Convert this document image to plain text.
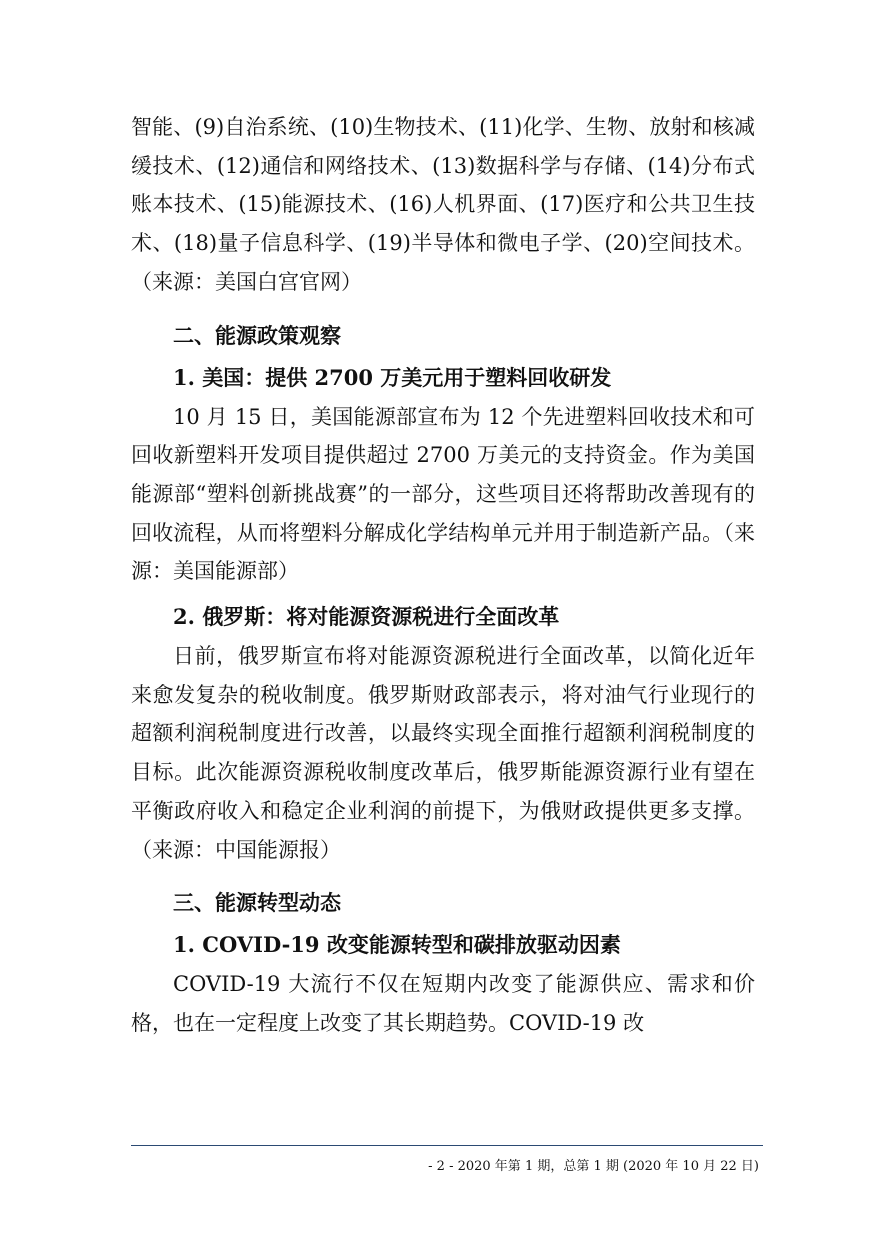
智能、(9)自治系统、(10)生物技术、(11)化学、生物、放射和核减缓技术、(12)通信和网络技术、(13)数据科学与存储、(14)分布式账本技术、(15)能源技术、(16)人机界面、(17)医疗和公共卫生技术、(18)量子信息科学、(19)半导体和微电子学、(20)空间技术。（来源：美国白宫官网）

二、能源政策观察

1. 美国：提供 2700 万美元用于塑料回收研发

10 月 15 日，美国能源部宣布为 12 个先进塑料回收技术和可回收新塑料开发项目提供超过 2700 万美元的支持资金。作为美国能源部“塑料创新挑战赛”的一部分，这些项目还将帮助改善现有的回收流程，从而将塑料分解成化学结构单元并用于制造新产品。（来源：美国能源部）

2. 俄罗斯：将对能源资源税进行全面改革

日前，俄罗斯宣布将对能源资源税进行全面改革，以简化近年来愈发复杂的税收制度。俄罗斯财政部表示，将对油气行业现行的超额利润税制度进行改善，以最终实现全面推行超额利润税制度的目标。此次能源资源税收制度改革后，俄罗斯能源资源行业有望在平衡政府收入和稳定企业利润的前提下，为俄财政提供更多支撑。（来源：中国能源报）

三、能源转型动态

1. COVID-19 改变能源转型和碳排放驱动因素

COVID-19 大流行不仅在短期内改变了能源供应、需求和价格，也在一定程度上改变了其长期趋势。COVID-19 改

- 2 - 2020 年第 1 期，总第 1 期 (2020 年 10 月 22 日)
